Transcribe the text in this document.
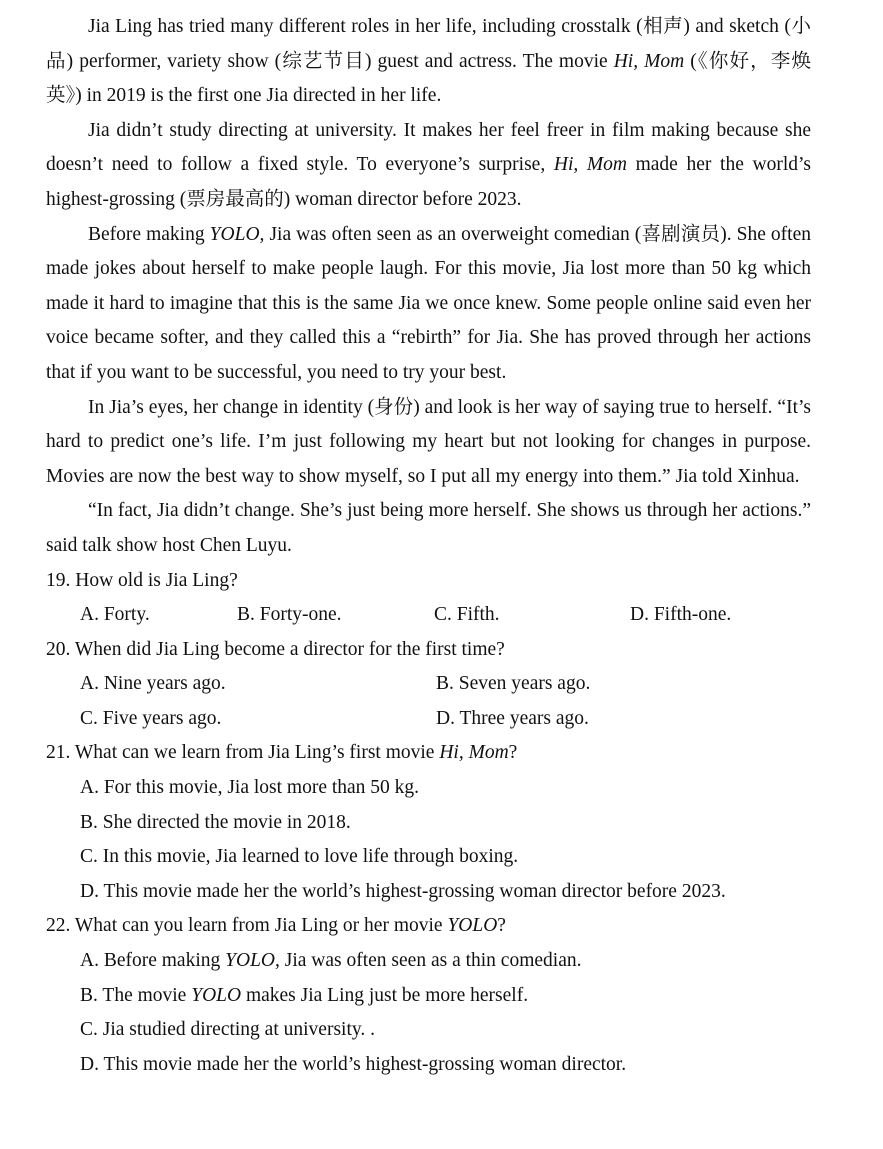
Jia Ling has tried many different roles in her life, including crosstalk (相声) and sketch (小品) performer, variety show (综艺节目) guest and actress. The movie Hi, Mom (《你好，李焕英》) in 2019 is the first one Jia directed in her life.

Jia didn’t study directing at university. It makes her feel freer in film making because she doesn’t need to follow a fixed style. To everyone’s surprise, Hi, Mom made her the world’s highest-grossing (票房最高的) woman director before 2023.

Before making YOLO, Jia was often seen as an overweight comedian (喜剧演员). She often made jokes about herself to make people laugh. For this movie, Jia lost more than 50 kg which made it hard to imagine that this is the same Jia we once knew. Some people online said even her voice became softer, and they called this a “rebirth” for Jia. She has proved through her actions that if you want to be successful, you need to try your best.

In Jia’s eyes, her change in identity (身份) and look is her way of saying true to herself. “It’s hard to predict one’s life. I’m just following my heart but not looking for changes in purpose. Movies are now the best way to show myself, so I put all my energy into them.” Jia told Xinhua.

“In fact, Jia didn’t change. She’s just being more herself. She shows us through her actions.” said talk show host Chen Luyu.

19. How old is Jia Ling?

A. Forty.	B. Forty-one.	C. Fifth.	D. Fifth-one.

20. When did Jia Ling become a director for the first time?

A. Nine years ago.	B. Seven years ago.
C. Five years ago.	D. Three years ago.

21. What can we learn from Jia Ling’s first movie Hi, Mom?

A. For this movie, Jia lost more than 50 kg.
B. She directed the movie in 2018.
C. In this movie, Jia learned to love life through boxing.
D. This movie made her the world’s highest-grossing woman director before 2023.

22. What can you learn from Jia Ling or her movie YOLO?

A. Before making YOLO, Jia was often seen as a thin comedian.
B. The movie YOLO makes Jia Ling just be more herself.
C. Jia studied directing at university. .
D. This movie made her the world’s highest-grossing woman director.
